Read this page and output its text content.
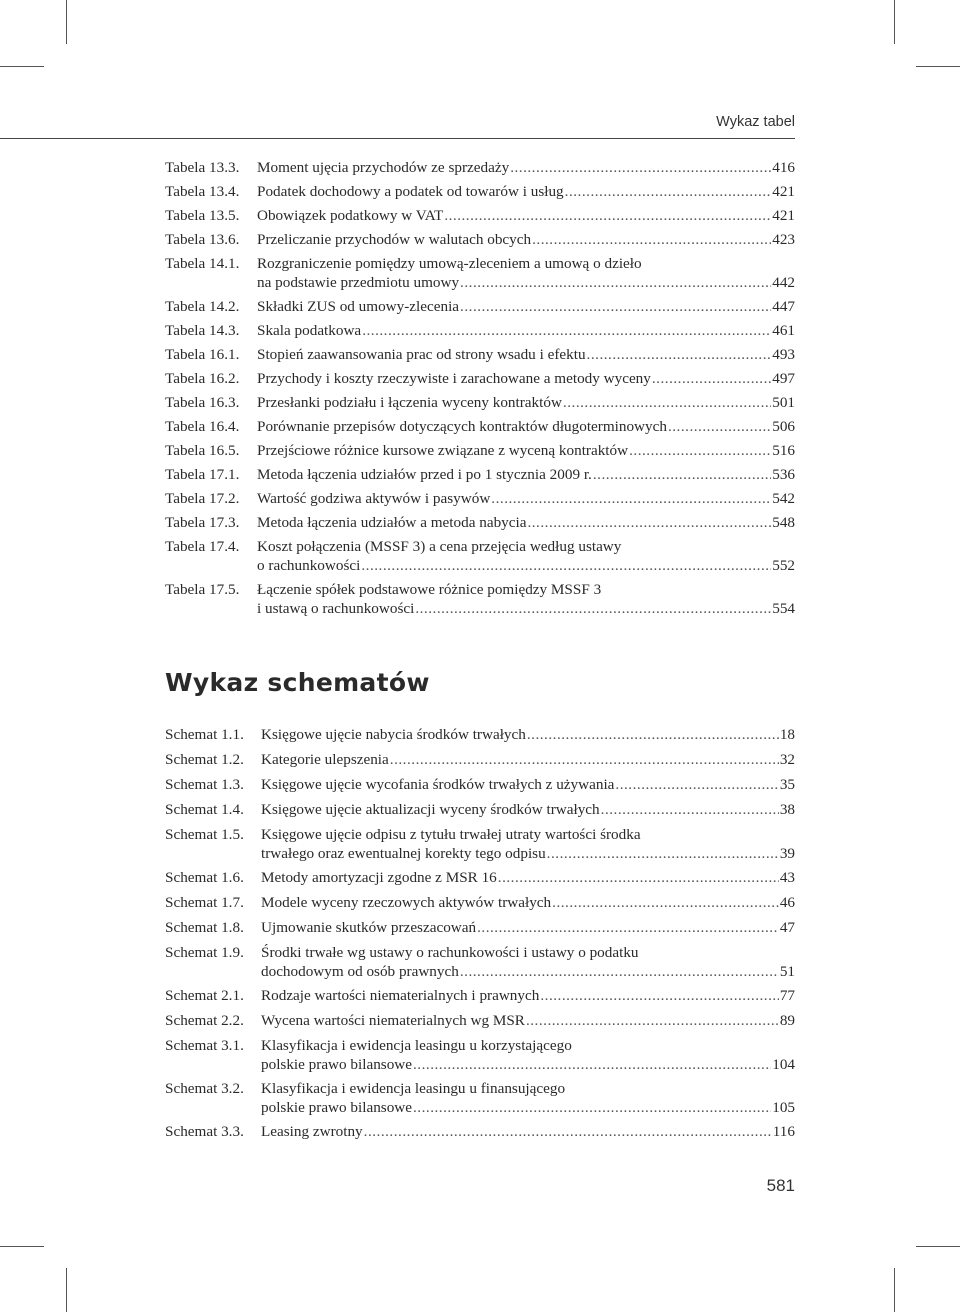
Wykaz tabel
Tabela 13.3.	Moment ujęcia przychodów ze sprzedaży .....	416
Tabela 13.4.	Podatek dochodowy a podatek od towarów i usług .....	421
Tabela 13.5.	Obowiązek podatkowy w VAT .....	421
Tabela 13.6.	Przeliczanie przychodów w walutach obcych .....	423
Tabela 14.1.	Rozgraniczenie pomiędzy umową-zleceniem a umową o dzieło
na podstawie przedmiotu umowy .....	442
Tabela 14.2.	Składki ZUS od umowy-zlecenia .....	447
Tabela 14.3.	Skala podatkowa .....	461
Tabela 16.1.	Stopień zaawansowania prac od strony wsadu i efektu .....	493
Tabela 16.2.	Przychody i koszty rzeczywiste i zarachowane a metody wyceny .....	497
Tabela 16.3.	Przesłanki podziału i łączenia wyceny kontraktów .....	501
Tabela 16.4.	Porównanie przepisów dotyczących kontraktów długoterminowych .....	506
Tabela 16.5.	Przejściowe różnice kursowe związane z wyceną kontraktów .....	516
Tabela 17.1.	Metoda łączenia udziałów przed i po 1 stycznia 2009 r. .....	536
Tabela 17.2.	Wartość godziwa aktywów i pasywów .....	542
Tabela 17.3.	Metoda łączenia udziałów a metoda nabycia .....	548
Tabela 17.4.	Koszt połączenia (MSSF 3) a cena przejęcia według ustawy
o rachunkowości .....	552
Tabela 17.5.	Łączenie spółek podstawowe różnice pomiędzy MSSF 3
i ustawą o rachunkowości .....	554
Wykaz schematów
Schemat 1.1.	Księgowe ujęcie nabycia środków trwałych .....	18
Schemat 1.2.	Kategorie ulepszenia .....	32
Schemat 1.3.	Księgowe ujęcie wycofania środków trwałych z używania .....	35
Schemat 1.4.	Księgowe ujęcie aktualizacji wyceny środków trwałych .....	38
Schemat 1.5.	Księgowe ujęcie odpisu z tytułu trwałej utraty wartości środka
trwałego oraz ewentualnej korekty tego odpisu .....	39
Schemat 1.6.	Metody amortyzacji zgodne z MSR 16 .....	43
Schemat 1.7.	Modele wyceny rzeczowych aktywów trwałych .....	46
Schemat 1.8.	Ujmowanie skutków przeszacowań .....	47
Schemat 1.9.	Środki trwałe wg ustawy o rachunkowości i ustawy o podatku
dochodowym od osób prawnych .....	51
Schemat 2.1.	Rodzaje wartości niematerialnych i prawnych .....	77
Schemat 2.2.	Wycena wartości niematerialnych wg MSR .....	89
Schemat 3.1.	Klasyfikacja i ewidencja leasingu u korzystającego
polskie prawo bilansowe .....	104
Schemat 3.2.	Klasyfikacja i ewidencja leasingu u finansującego
polskie prawo bilansowe .....	105
Schemat 3.3.	Leasing zwrotny .....	116
581
